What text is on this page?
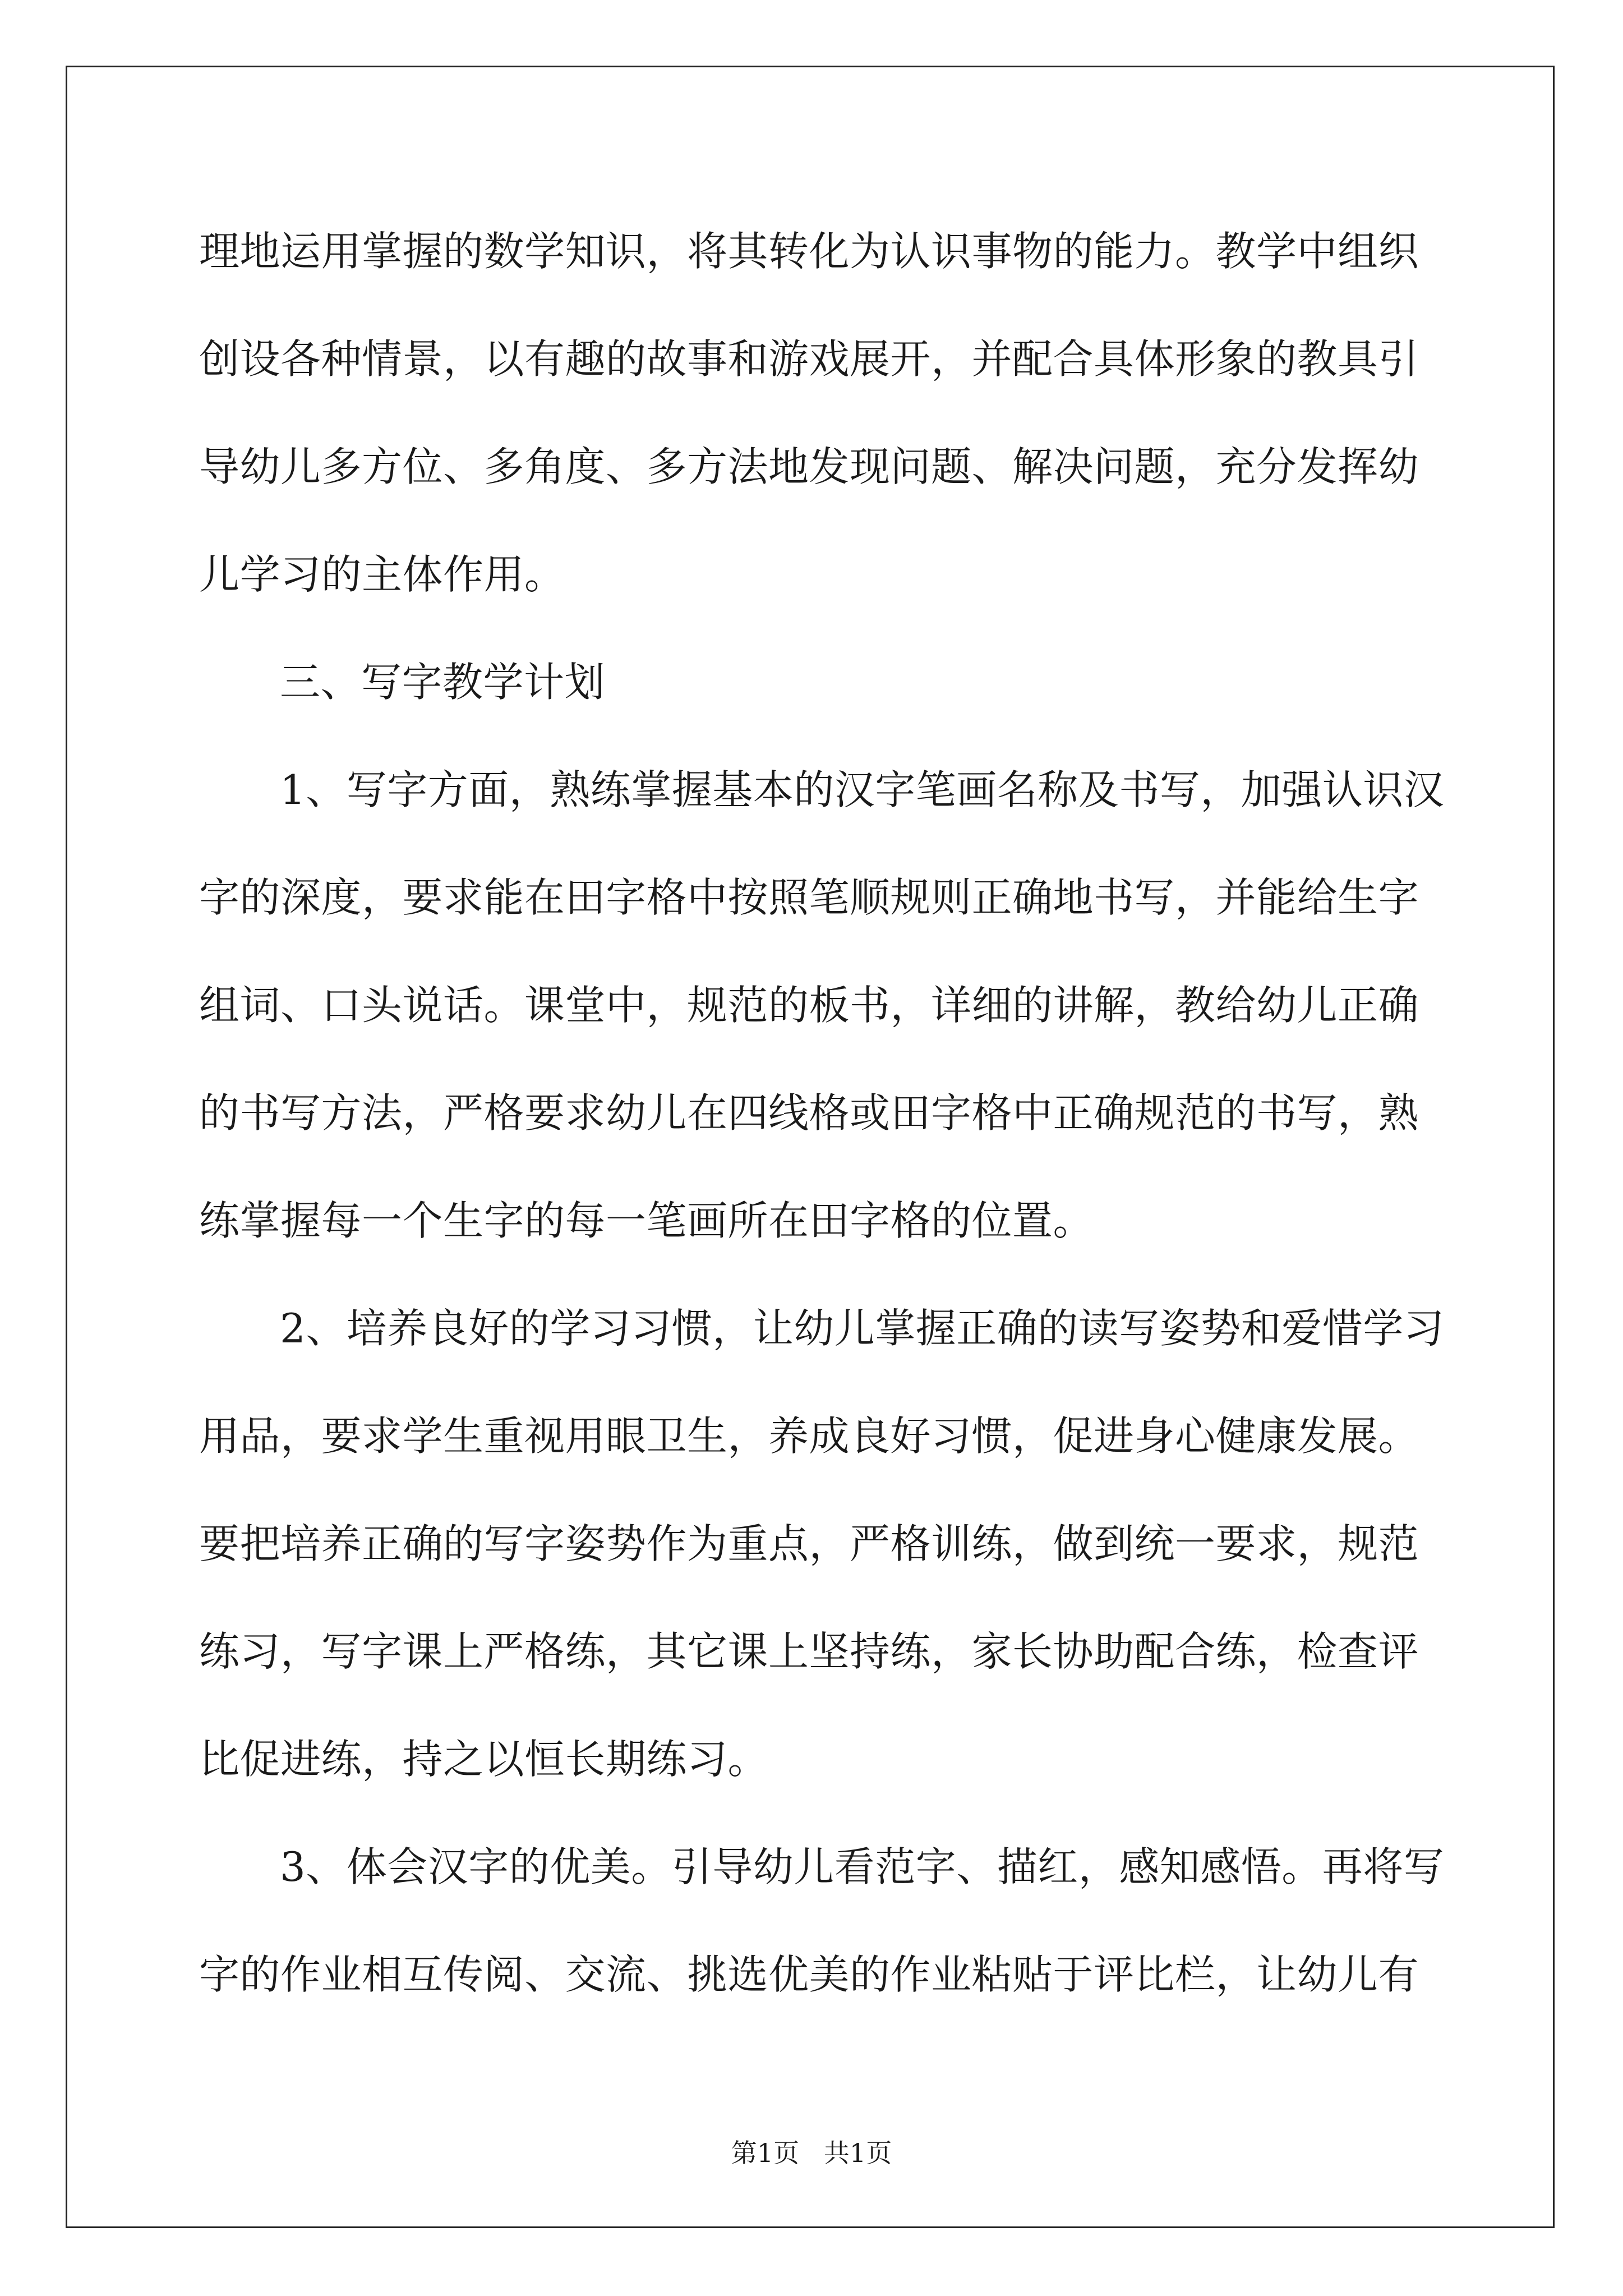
理地运用掌握的数学知识，将其转化为认识事物的能力。教学中组织
创设各种情景，以有趣的故事和游戏展开，并配合具体形象的教具引
导幼儿多方位、多角度、多方法地发现问题、解决问题，充分发挥幼
儿学习的主体作用。
三、写字教学计划
1、写字方面，熟练掌握基本的汉字笔画名称及书写，加强认识汉
字的深度，要求能在田字格中按照笔顺规则正确地书写，并能给生字
组词、口头说话。课堂中，规范的板书，详细的讲解，教给幼儿正确
的书写方法，严格要求幼儿在四线格或田字格中正确规范的书写，熟
练掌握每一个生字的每一笔画所在田字格的位置。
2、培养良好的学习习惯，让幼儿掌握正确的读写姿势和爱惜学习
用品，要求学生重视用眼卫生，养成良好习惯，促进身心健康发展。
要把培养正确的写字姿势作为重点，严格训练，做到统一要求，规范
练习，写字课上严格练，其它课上坚持练，家长协助配合练，检查评
比促进练，持之以恒长期练习。
3、体会汉字的优美。引导幼儿看范字、描红，感知感悟。再将写
字的作业相互传阅、交流、挑选优美的作业粘贴于评比栏，让幼儿有
第1页   共1页
